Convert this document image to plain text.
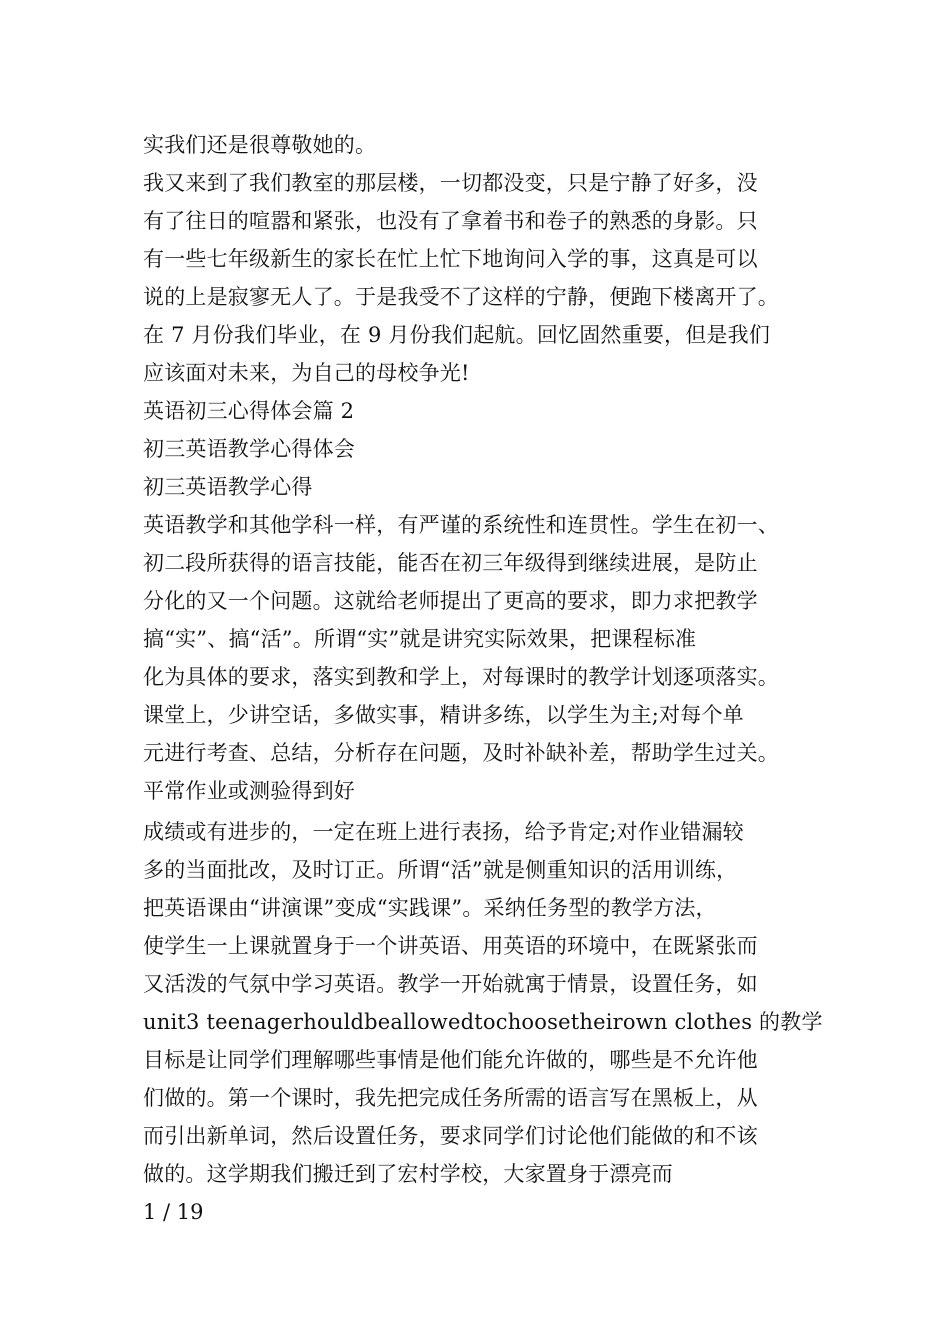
实我们还是很尊敬她的。
我又来到了我们教室的那层楼，一切都没变，只是宁静了好多，没
有了往日的喧嚣和紧张，也没有了拿着书和卷子的熟悉的身影。只
有一些七年级新生的家长在忙上忙下地询问入学的事，这真是可以
说的上是寂寥无人了。于是我受不了这样的宁静，便跑下楼离开了。
在 7 月份我们毕业，在 9 月份我们起航。回忆固然重要，但是我们
应该面对未来，为自己的母校争光!
英语初三心得体会篇 2
初三英语教学心得体会
初三英语教学心得
英语教学和其他学科一样，有严谨的系统性和连贯性。学生在初一、
初二段所获得的语言技能，能否在初三年级得到继续进展，是防止
分化的又一个问题。这就给老师提出了更高的要求，即力求把教学
搞“实”、搞“活”。所谓“实”就是讲究实际效果，把课程标准
化为具体的要求，落实到教和学上，对每课时的教学计划逐项落实。
课堂上，少讲空话，多做实事，精讲多练，以学生为主;对每个单
元进行考查、总结，分析存在问题，及时补缺补差，帮助学生过关。
平常作业或测验得到好
成绩或有进步的，一定在班上进行表扬，给予肯定;对作业错漏较
多的当面批改，及时订正。所谓“活”就是侧重知识的活用训练，
把英语课由“讲演课”变成“实践课”。采纳任务型的教学方法，
使学生一上课就置身于一个讲英语、用英语的环境中，在既紧张而
又活泼的气氛中学习英语。教学一开始就寓于情景，设置任务，如
unit3 teenagerhouldbeallowedtochoosetheirown clothes 的教学
目标是让同学们理解哪些事情是他们能允许做的，哪些是不允许他
们做的。第一个课时，我先把完成任务所需的语言写在黑板上，从
而引出新单词，然后设置任务，要求同学们讨论他们能做的和不该
做的。这学期我们搬迁到了宏村学校，大家置身于漂亮而
1 / 19
